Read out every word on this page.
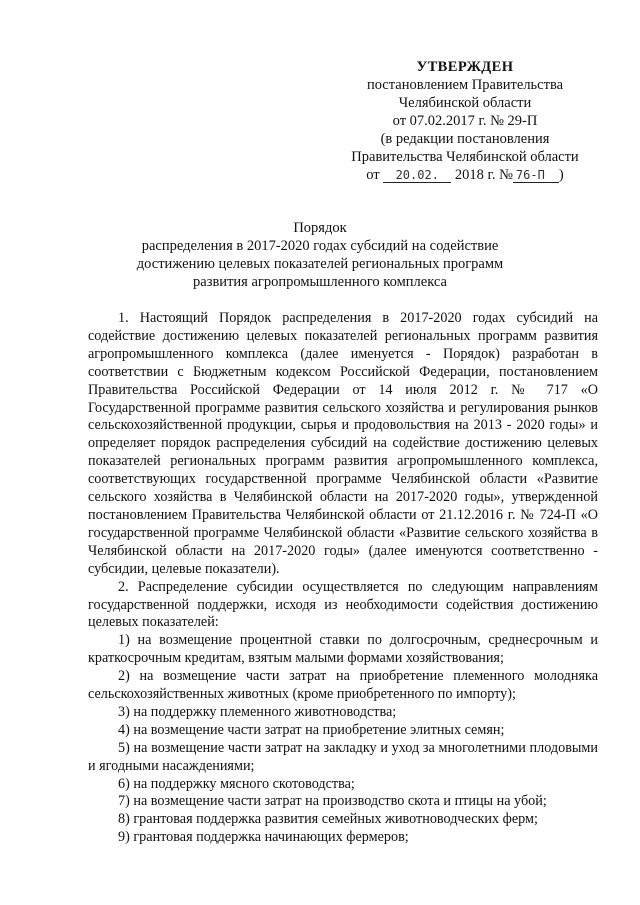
УТВЕРЖДЕН
постановлением Правительства
Челябинской области
от 07.02.2017 г. № 29-П
(в редакции постановления
Правительства Челябинской области
от 20.02. 2018 г. № 76-П )
Порядок
распределения в 2017-2020 годах субсидий на содействие
достижению целевых показателей региональных программ
развития агропромышленного комплекса

1. Настоящий Порядок распределения в 2017-2020 годах субсидий на содействие достижению целевых показателей региональных программ развития агропромышленного комплекса (далее именуется - Порядок) разработан в соответствии с Бюджетным кодексом Российской Федерации, постановлением Правительства Российской Федерации от 14 июля 2012 г. № 717 «О Государственной программе развития сельского хозяйства и регулирования рынков сельскохозяйственной продукции, сырья и продовольствия на 2013 - 2020 годы» и определяет порядок распределения субсидий на содействие достижению целевых показателей региональных программ развития агропромышленного комплекса, соответствующих государственной программе Челябинской области «Развитие сельского хозяйства в Челябинской области на 2017-2020 годы», утвержденной постановлением Правительства Челябинской области от 21.12.2016 г. № 724-П «О государственной программе Челябинской области «Развитие сельского хозяйства в Челябинской области на 2017-2020 годы» (далее именуются соответственно - субсидии, целевые показатели).

2. Распределение субсидии осуществляется по следующим направлениям государственной поддержки, исходя из необходимости содействия достижению целевых показателей:

1) на возмещение процентной ставки по долгосрочным, среднесрочным и краткосрочным кредитам, взятым малыми формами хозяйствования;

2) на возмещение части затрат на приобретение племенного молодняка сельскохозяйственных животных (кроме приобретенного по импорту);

3) на поддержку племенного животноводства;

4) на возмещение части затрат на приобретение элитных семян;

5) на возмещение части затрат на закладку и уход за многолетними плодовыми и ягодными насаждениями;

6) на поддержку мясного скотоводства;

7) на возмещение части затрат на производство скота и птицы на убой;

8) грантовая поддержка развития семейных животноводческих ферм;

9) грантовая поддержка начинающих фермеров;
